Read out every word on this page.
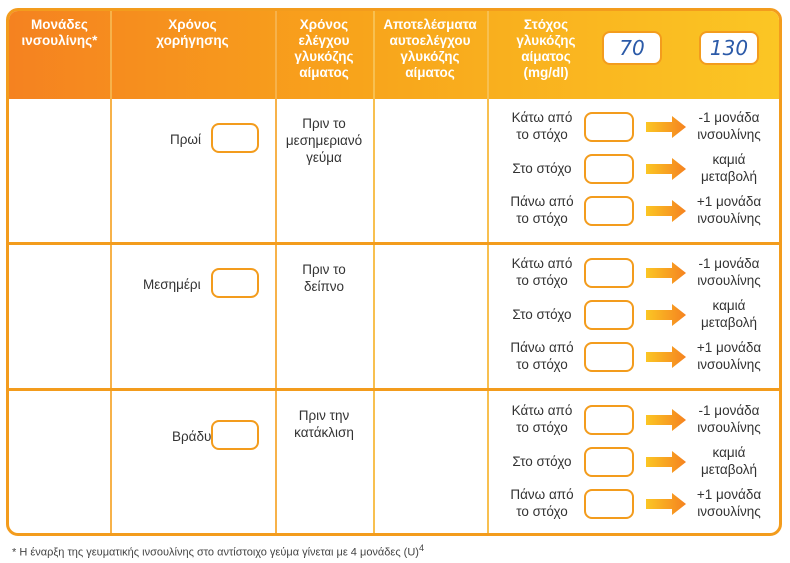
Μονάδες
ινσουλίνης*
Χρόνος
χορήγησης
Χρόνος
ελέγχου
γλυκόζης
αίματος
Αποτελέσματα
αυτοελέγχου
γλυκόζης
αίματος
Στόχος
γλυκόζης
αίματος
(mg/dl)
70	130
Πρωί
Πριν το
μεσημεριανό
γεύμα
Μεσημέρι
Πριν το
δείπνο
Βράδυ
Πριν την
κατάκλιση
Κάτω από
το στόχο
-1 μονάδα
ινσουλίνης
Στο στόχο
καμιά
μεταβολή
Πάνω από
το στόχο
+1 μονάδα
ινσουλίνης
Κάτω από
το στόχο
-1 μονάδα
ινσουλίνης
Στο στόχο
καμιά
μεταβολή
Πάνω από
το στόχο
+1 μονάδα
ινσουλίνης
Κάτω από
το στόχο
-1 μονάδα
ινσουλίνης
Στο στόχο
καμιά
μεταβολή
Πάνω από
το στόχο
+1 μονάδα
ινσουλίνης
* Η έναρξη της γευματικής ινσουλίνης στο αντίστοιχο γεύμα γίνεται με 4 μονάδες $(U)^4$
